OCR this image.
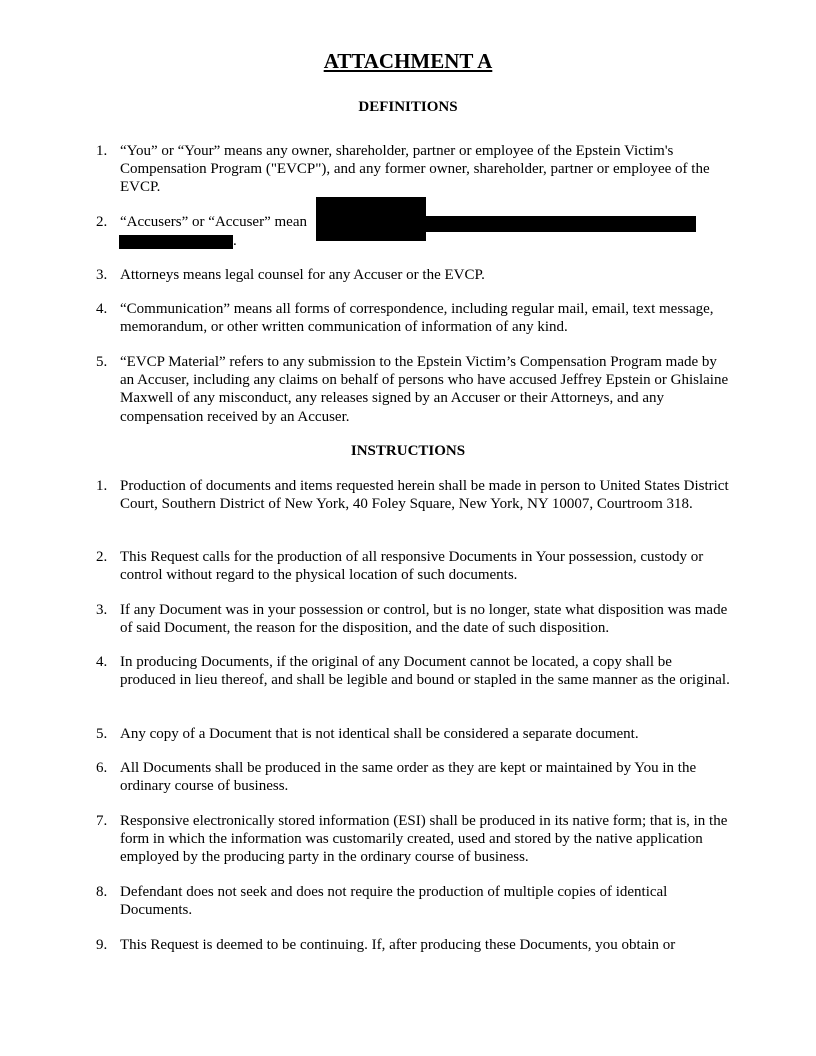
ATTACHMENT A
DEFINITIONS
1. “You” or “Your” means any owner, shareholder, partner or employee of the Epstein Victim's Compensation Program ("EVCP"), and any former owner, shareholder, partner or employee of the EVCP.
2. “Accusers” or “Accuser” mean
.
3. Attorneys means legal counsel for any Accuser or the EVCP.
4. “Communication” means all forms of correspondence, including regular mail, email, text message, memorandum, or other written communication of information of any kind.
5. “EVCP Material” refers to any submission to the Epstein Victim’s Compensation Program made by an Accuser, including any claims on behalf of persons who have accused Jeffrey Epstein or Ghislaine Maxwell of any misconduct, any releases signed by an Accuser or their Attorneys, and any compensation received by an Accuser.
INSTRUCTIONS
1. Production of documents and items requested herein shall be made in person to United States District Court, Southern District of New York, 40 Foley Square, New York, NY 10007, Courtroom 318.
2. This Request calls for the production of all responsive Documents in Your possession, custody or control without regard to the physical location of such documents.
3. If any Document was in your possession or control, but is no longer, state what disposition was made of said Document, the reason for the disposition, and the date of such disposition.
4. In producing Documents, if the original of any Document cannot be located, a copy shall be produced in lieu thereof, and shall be legible and bound or stapled in the same manner as the original.
5. Any copy of a Document that is not identical shall be considered a separate document.
6. All Documents shall be produced in the same order as they are kept or maintained by You in the ordinary course of business.
7. Responsive electronically stored information (ESI) shall be produced in its native form; that is, in the form in which the information was customarily created, used and stored by the native application employed by the producing party in the ordinary course of business.
8. Defendant does not seek and does not require the production of multiple copies of identical Documents.
9. This Request is deemed to be continuing. If, after producing these Documents, you obtain or
